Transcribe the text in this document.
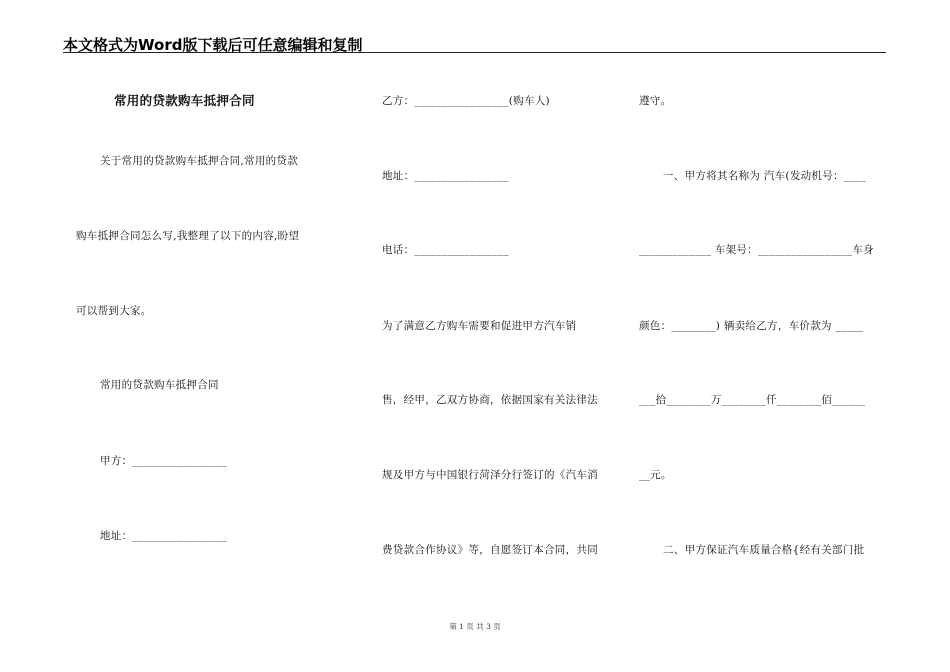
本文格式为Word版下载后可任意编辑和复制
常用的贷款购车抵押合同
关于常用的贷款购车抵押合同,常用的贷款
购车抵押合同怎么写,我整理了以下的内容,盼望
可以帮到大家。
常用的贷款购车抵押合同
甲方：_________________
地址：_________________
乙方：_________________(购车人)
地址：_________________
电话：_________________
为了满意乙方购车需要和促进甲方汽车销
售，经甲，乙双方协商，依据国家有关法律法
规及甲方与中国银行菏泽分行签订的《汽车消
费贷款合作协议》等，自愿签订本合同，共同
遵守。
一、甲方将其名称为 汽车(发动机号：____
_____________ 车架号：_________________车身
颜色：________) 辆卖给乙方，车价款为 _____
___拾________万________仟________佰______
__元。
二、甲方保证汽车质量合格{经有关部门批
第 1 页 共 3 页
